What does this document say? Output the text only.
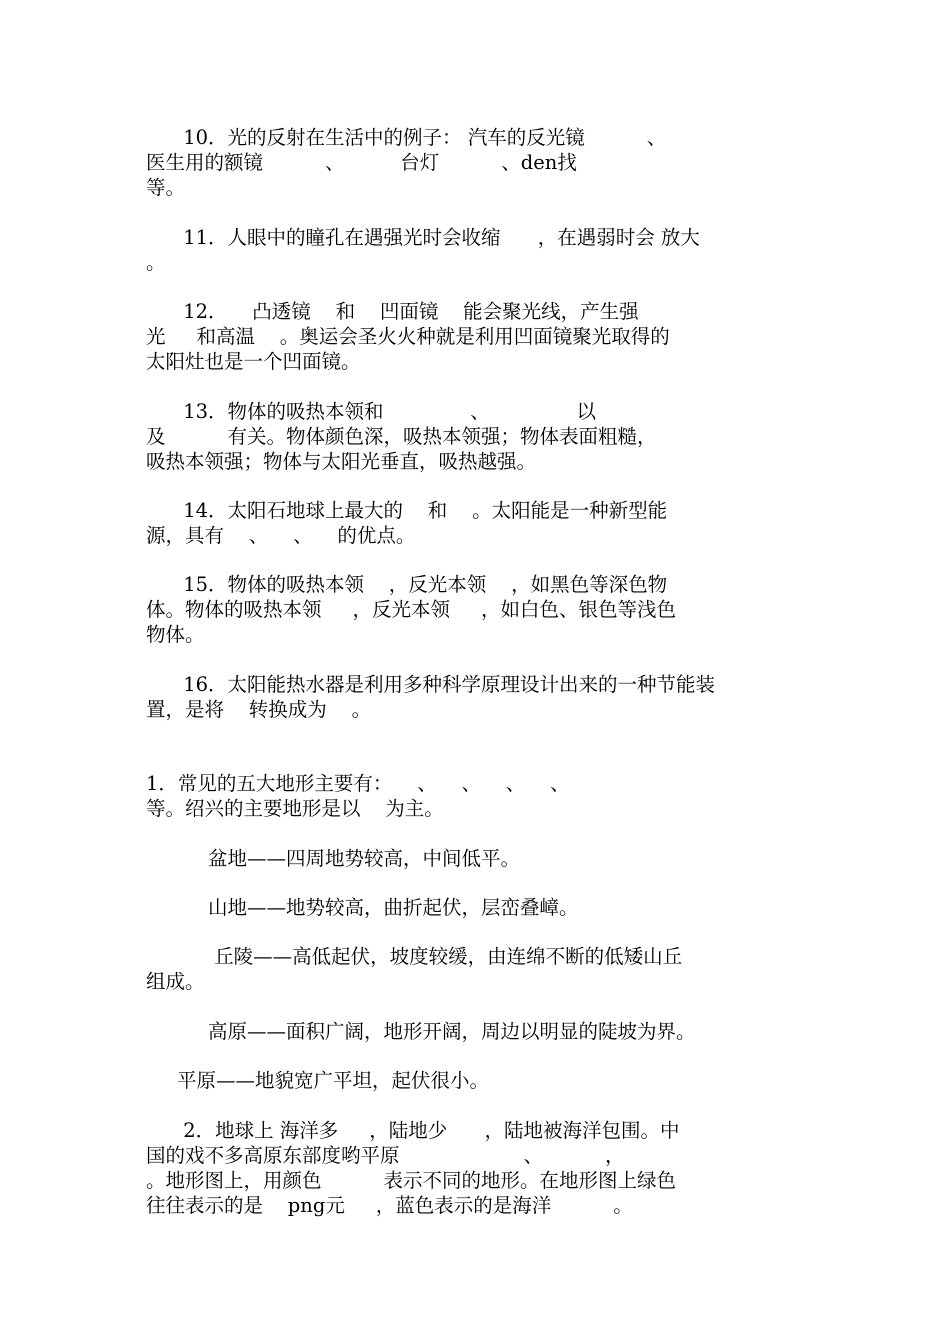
10．光的反射在生活中的例子： 汽车的反光镜          、
医生用的额镜          、         台灯          、den找
等。
11．人眼中的瞳孔在遇强光时会收缩      ，在遇弱时会 放大
。
12．    凸透镜    和    凹面镜    能会聚光线，产生强
光     和高温    。奥运会圣火火种就是利用凹面镜聚光取得的
太阳灶也是一个凹面镜。
13．物体的吸热本领和              、              以
及          有关。物体颜色深，吸热本领强；物体表面粗糙，
吸热本领强；物体与太阳光垂直，吸热越强。
14．太阳石地球上最大的    和    。太阳能是一种新型能
源，具有    、    、    的优点。
15．物体的吸热本领    ，反光本领    ，如黑色等深色物
体。物体的吸热本领     ，反光本领     ，如白色、银色等浅色
物体。
16．太阳能热水器是利用多种科学原理设计出来的一种节能装
置，是将    转换成为    。
1．常见的五大地形主要有：    、    、    、    、
等。绍兴的主要地形是以    为主。
盆地——四周地势较高，中间低平。
山地——地势较高，曲折起伏，层峦叠嶂。
丘陵——高低起伏，坡度较缓，由连绵不断的低矮山丘
组成。
高原——面积广阔，地形开阔，周边以明显的陡坡为界。
平原——地貌宽广平坦，起伏很小。
2．地球上 海洋多     ，陆地少      ，陆地被海洋包围。中
国的戏不多高原东部度哟平原                    、          ，
。地形图上，用颜色          表示不同的地形。在地形图上绿色
往往表示的是    png元     ，蓝色表示的是海洋          。
